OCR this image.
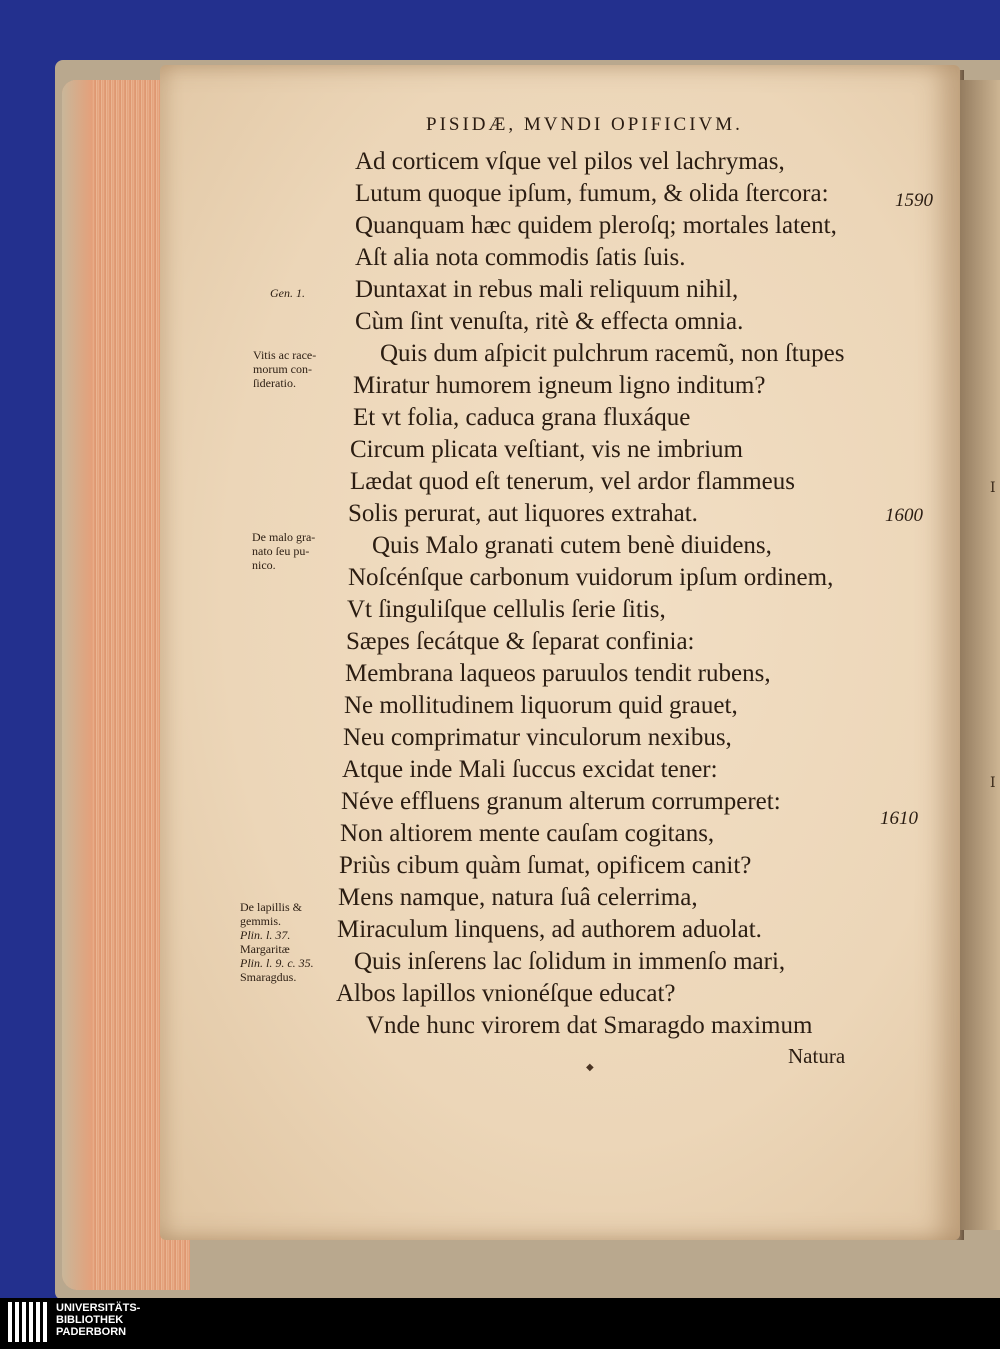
I
I
PISIDÆ, MVNDI OPIFICIVM.
Ad corticem vſque vel pilos vel lachrymas,
Lutum quoque ipſum, fumum, & olida ſtercora:
Quanquam hæc quidem pleroſq; mortales latent,
Aſt alia nota commodis ſatis ſuis.
Duntaxat in rebus mali reliquum nihil,
Cùm ſint venuſta, ritè & effecta omnia.
Quis dum aſpicit pulchrum racemũ, non ſtupes
Miratur humorem igneum ligno inditum?
Et vt folia, caduca grana fluxáque
Circum plicata veſtiant, vis ne imbrium
Lædat quod eſt tenerum, vel ardor flammeus
Solis perurat, aut liquores extrahat.
Quis Malo granati cutem benè diuidens,
Noſcénſque carbonum vuidorum ipſum ordinem,
Vt ſinguliſque cellulis ſerie ſitis,
Sæpes ſecátque & ſeparat confinia:
Membrana laqueos paruulos tendit rubens,
Ne mollitudinem liquorum quid grauet,
Neu comprimatur vinculorum nexibus,
Atque inde Mali ſuccus excidat tener:
Néve effluens granum alterum corrumperet:
Non altiorem mente cauſam cogitans,
Priùs cibum quàm ſumat, opificem canit?
Mens namque, natura ſuâ celerrima,
Miraculum linquens, ad authorem aduolat.
Quis inſerens lac ſolidum in immenſo mari,
Albos lapillos vnionéſque educat?
Vnde hunc virorem dat Smaragdo maximum
Natura
1590
1600
1610
Gen. 1.
Vitis ac race-
morum con-
ſideratio.
De malo gra-
nato ſeu pu-
nico.
De lapillis &
gemmis.
Plin. l. 37.
Margaritæ
Plin. l. 9. c. 35.
Smaragdus.
◆
UNIVERSITÄTS-
BIBLIOTHEK
PADERBORN
